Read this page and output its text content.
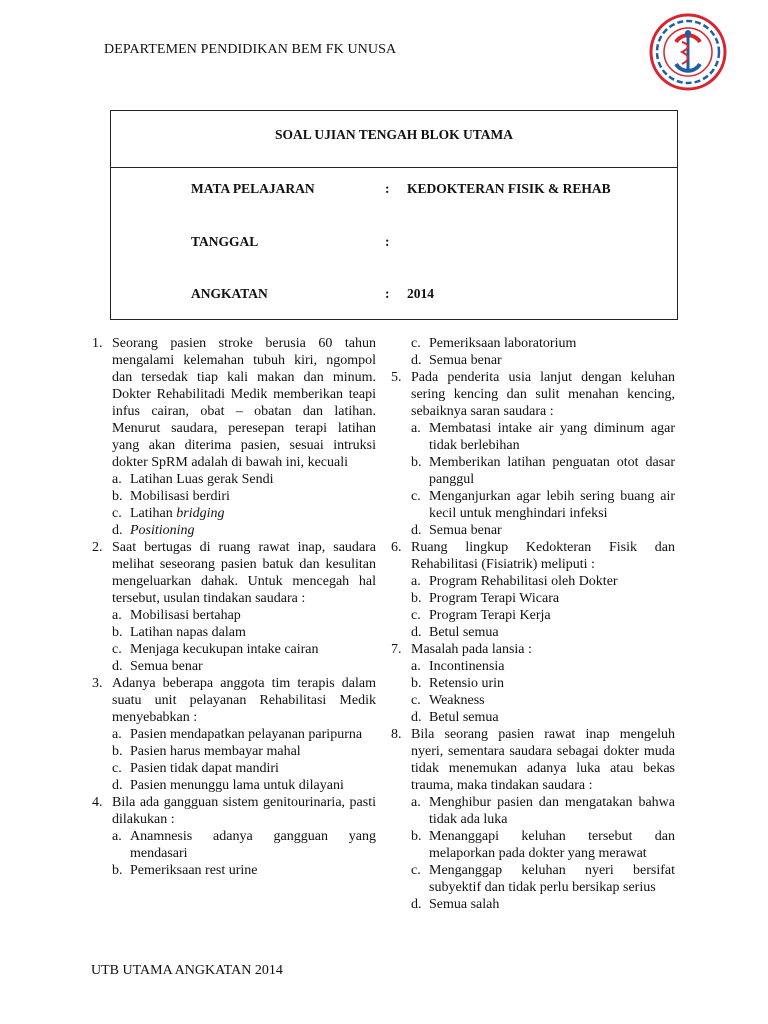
DEPARTEMEN PENDIDIKAN BEM FK UNUSA
SOAL UJIAN TENGAH BLOK UTAMA
MATA PELAJARAN	: KEDOKTERAN FISIK & REHAB
TANGGAL	:
ANGKATAN	: 2014
1. Seorang pasien stroke berusia 60 tahun mengalami kelemahan tubuh kiri, ngompol dan tersedak tiap kali makan dan minum. Dokter Rehabilitadi Medik memberikan teapi infus cairan, obat – obatan dan latihan. Menurut saudara, peresepan terapi latihan yang akan diterima pasien, sesuai intruksi dokter SpRM adalah di bawah ini, kecuali
a. Latihan Luas gerak Sendi
b. Mobilisasi berdiri
c. Latihan bridging
d. Positioning
2. Saat bertugas di ruang rawat inap, saudara melihat seseorang pasien batuk dan kesulitan mengeluarkan dahak. Untuk mencegah hal tersebut, usulan tindakan saudara :
a. Mobilisasi bertahap
b. Latihan napas dalam
c. Menjaga kecukupan intake cairan
d. Semua benar
3. Adanya beberapa anggota tim terapis dalam suatu unit pelayanan Rehabilitasi Medik menyebabkan :
a. Pasien mendapatkan pelayanan paripurna
b. Pasien harus membayar mahal
c. Pasien tidak dapat mandiri
d. Pasien menunggu lama untuk dilayani
4. Bila ada gangguan sistem genitourinaria, pasti dilakukan :
a. Anamnesis adanya gangguan yang mendasari
b. Pemeriksaan rest urine
c. Pemeriksaan laboratorium
d. Semua benar
5. Pada penderita usia lanjut dengan keluhan sering kencing dan sulit menahan kencing, sebaiknya saran saudara :
a. Membatasi intake air yang diminum agar tidak berlebihan
b. Memberikan latihan penguatan otot dasar panggul
c. Menganjurkan agar lebih sering buang air kecil untuk menghindari infeksi
d. Semua benar
6. Ruang lingkup Kedokteran Fisik dan Rehabilitasi (Fisiatrik) meliputi :
a. Program Rehabilitasi oleh Dokter
b. Program Terapi Wicara
c. Program Terapi Kerja
d. Betul semua
7. Masalah pada lansia :
a. Incontinensia
b. Retensio urin
c. Weakness
d. Betul semua
8. Bila seorang pasien rawat inap mengeluh nyeri, sementara saudara sebagai dokter muda tidak menemukan adanya luka atau bekas trauma, maka tindakan saudara :
a. Menghibur pasien dan mengatakan bahwa tidak ada luka
b. Menanggapi keluhan tersebut dan melaporkan pada dokter yang merawat
c. Menganggap keluhan nyeri bersifat subyektif dan tidak perlu bersikap serius
d. Semua salah
UTB UTAMA ANGKATAN 2014
